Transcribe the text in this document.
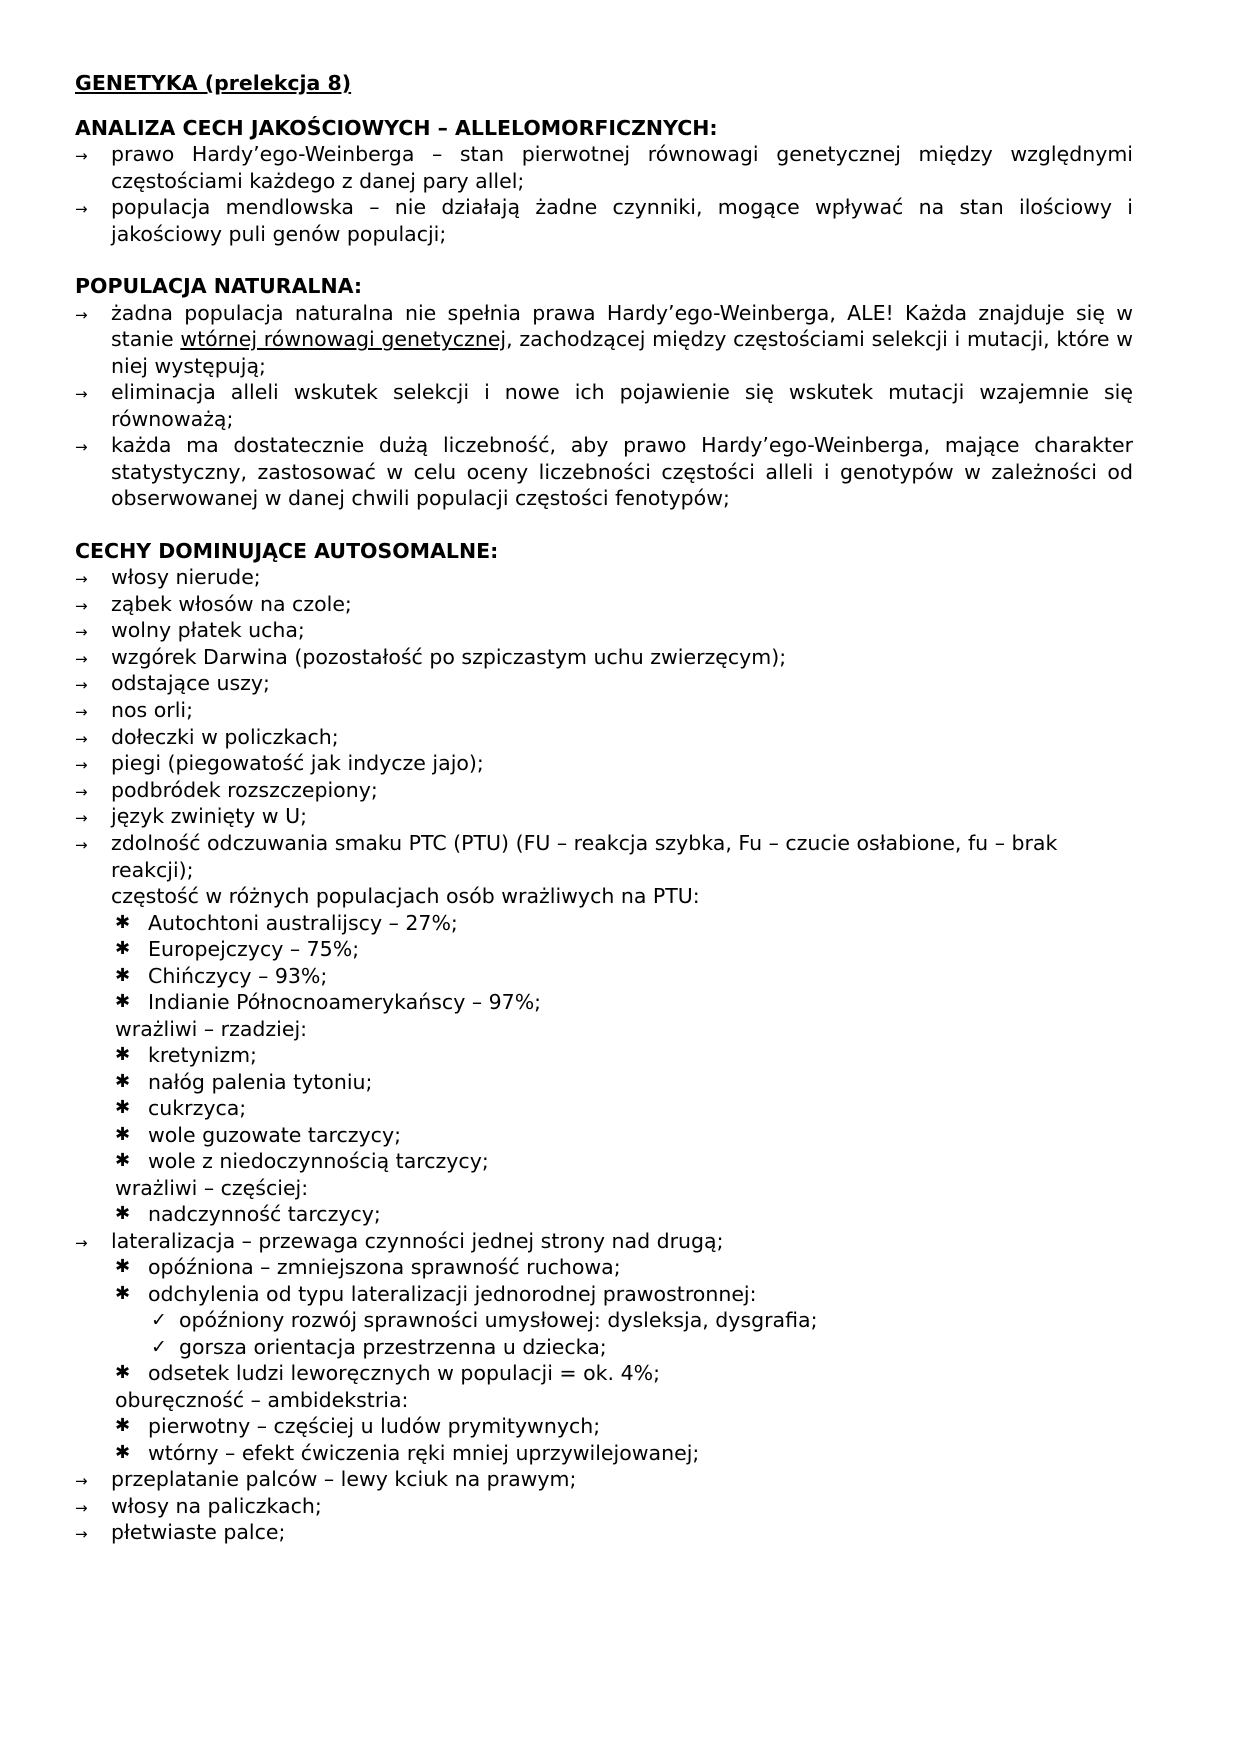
GENETYKA (prelekcja 8)
ANALIZA CECH JAKOŚCIOWYCH – ALLELOMORFICZNYCH:
→ prawo Hardy’ego-Weinberga – stan pierwotnej równowagi genetycznej między względnymi częstościami każdego z danej pary allel;
→ populacja mendlowska – nie działają żadne czynniki, mogące wpływać na stan ilościowy i jakościowy puli genów populacji;
POPULACJA NATURALNA:
→ żadna populacja naturalna nie spełnia prawa Hardy’ego-Weinberga, ALE! Każda znajduje się w stanie wtórnej równowagi genetycznej, zachodzącej między częstościami selekcji i mutacji, które w niej występują;
→ eliminacja alleli wskutek selekcji i nowe ich pojawienie się wskutek mutacji wzajemnie się równoważą;
→ każda ma dostatecznie dużą liczebność, aby prawo Hardy’ego-Weinberga, mające charakter statystyczny, zastosować w celu oceny liczebności częstości alleli i genotypów w zależności od obserwowanej w danej chwili populacji częstości fenotypów;
CECHY DOMINUJĄCE AUTOSOMALNE:
→ włosy nierude;
→ ząbek włosów na czole;
→ wolny płatek ucha;
→ wzgórek Darwina (pozostałość po szpiczastym uchu zwierzęcym);
→ odstające uszy;
→ nos orli;
→ dołeczki w policzkach;
→ piegi (piegowatość jak indycze jajo);
→ podbródek rozszczepiony;
→ język zwinięty w U;
→ zdolność odczuwania smaku PTC (PTU) (FU – reakcja szybka, Fu – czucie osłabione, fu – brak reakcji);
częstość w różnych populacjach osób wrażliwych na PTU:
✱ Autochtoni australijscy – 27%;
✱ Europejczycy – 75%;
✱ Chińczycy – 93%;
✱ Indianie Północnoamerykańscy – 97%;
wrażliwi – rzadziej:
✱ kretynizm;
✱ nałóg palenia tytoniu;
✱ cukrzyca;
✱ wole guzowate tarczycy;
✱ wole z niedoczynnością tarczycy;
wrażliwi – częściej:
✱ nadczynność tarczycy;
→ lateralizacja – przewaga czynności jednej strony nad drugą;
✱ opóźniona – zmniejszona sprawność ruchowa;
✱ odchylenia od typu lateralizacji jednorodnej prawostronnej:
✓ opóźniony rozwój sprawności umysłowej: dysleksja, dysgrafia;
✓ gorsza orientacja przestrzenna u dziecka;
✱ odsetek ludzi leworęcznych w populacji = ok. 4%;
oburęczność – ambidekstria:
✱ pierwotny – częściej u ludów prymitywnych;
✱ wtórny – efekt ćwiczenia ręki mniej uprzywilejowanej;
→ przeplatanie palców – lewy kciuk na prawym;
→ włosy na paliczkach;
→ płetwiaste palce;
